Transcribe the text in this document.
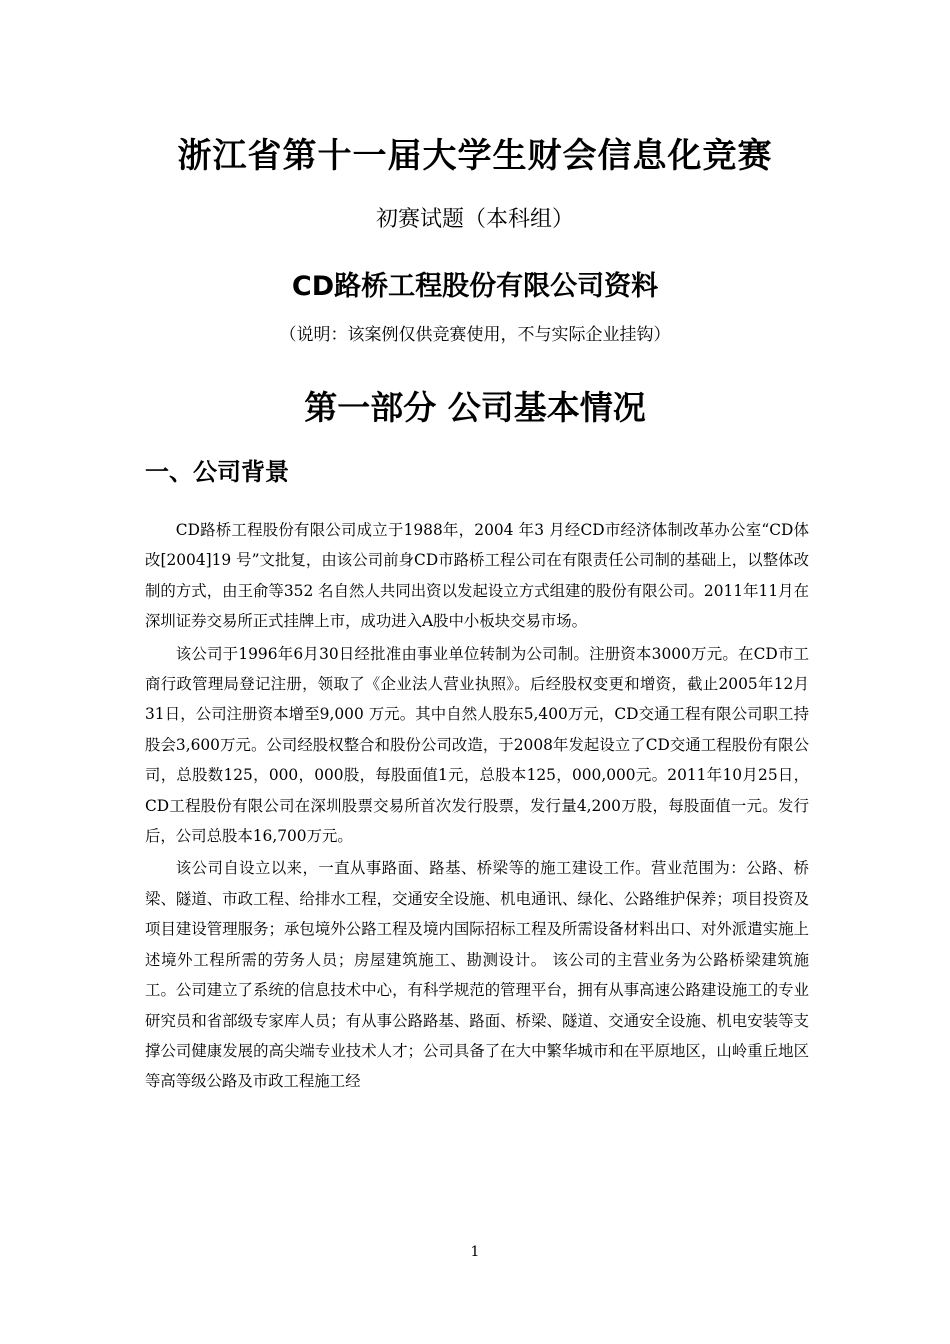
浙江省第十一届大学生财会信息化竞赛
初赛试题（本科组）
CD路桥工程股份有限公司资料
（说明：该案例仅供竞赛使用，不与实际企业挂钩）
第一部分 公司基本情况
一、公司背景

CD路桥工程股份有限公司成立于1988年，2004 年3 月经CD市经济体制改革办公室“CD体改[2004]19 号”文批复，由该公司前身CD市路桥工程公司在有限责任公司制的基础上，以整体改制的方式，由王俞等352 名自然人共同出资以发起设立方式组建的股份有限公司。2011年11月在深圳证券交易所正式挂牌上市，成功进入A股中小板块交易市场。

该公司于1996年6月30日经批准由事业单位转制为公司制。注册资本3000万元。在CD市工商行政管理局登记注册，领取了《企业法人营业执照》。后经股权变更和增资，截止2005年12月31日，公司注册资本增至9,000 万元。其中自然人股东5,400万元，CD交通工程有限公司职工持股会3,600万元。公司经股权整合和股份公司改造，于2008年发起设立了CD交通工程股份有限公司，总股数125，000，000股，每股面值1元，总股本125，000,000元。2011年10月25日，CD工程股份有限公司在深圳股票交易所首次发行股票，发行量4,200万股，每股面值一元。发行后，公司总股本16,700万元。

该公司自设立以来，一直从事路面、路基、桥梁等的施工建设工作。营业范围为：公路、桥梁、隧道、市政工程、给排水工程，交通安全设施、机电通讯、绿化、公路维护保养；项目投资及项目建设管理服务；承包境外公路工程及境内国际招标工程及所需设备材料出口、对外派遣实施上述境外工程所需的劳务人员；房屋建筑施工、勘测设计。 该公司的主营业务为公路桥梁建筑施工。公司建立了系统的信息技术中心，有科学规范的管理平台，拥有从事高速公路建设施工的专业研究员和省部级专家库人员；有从事公路路基、路面、桥梁、隧道、交通安全设施、机电安装等支撑公司健康发展的高尖端专业技术人才；公司具备了在大中繁华城市和在平原地区，山岭重丘地区等高等级公路及市政工程施工经

1
